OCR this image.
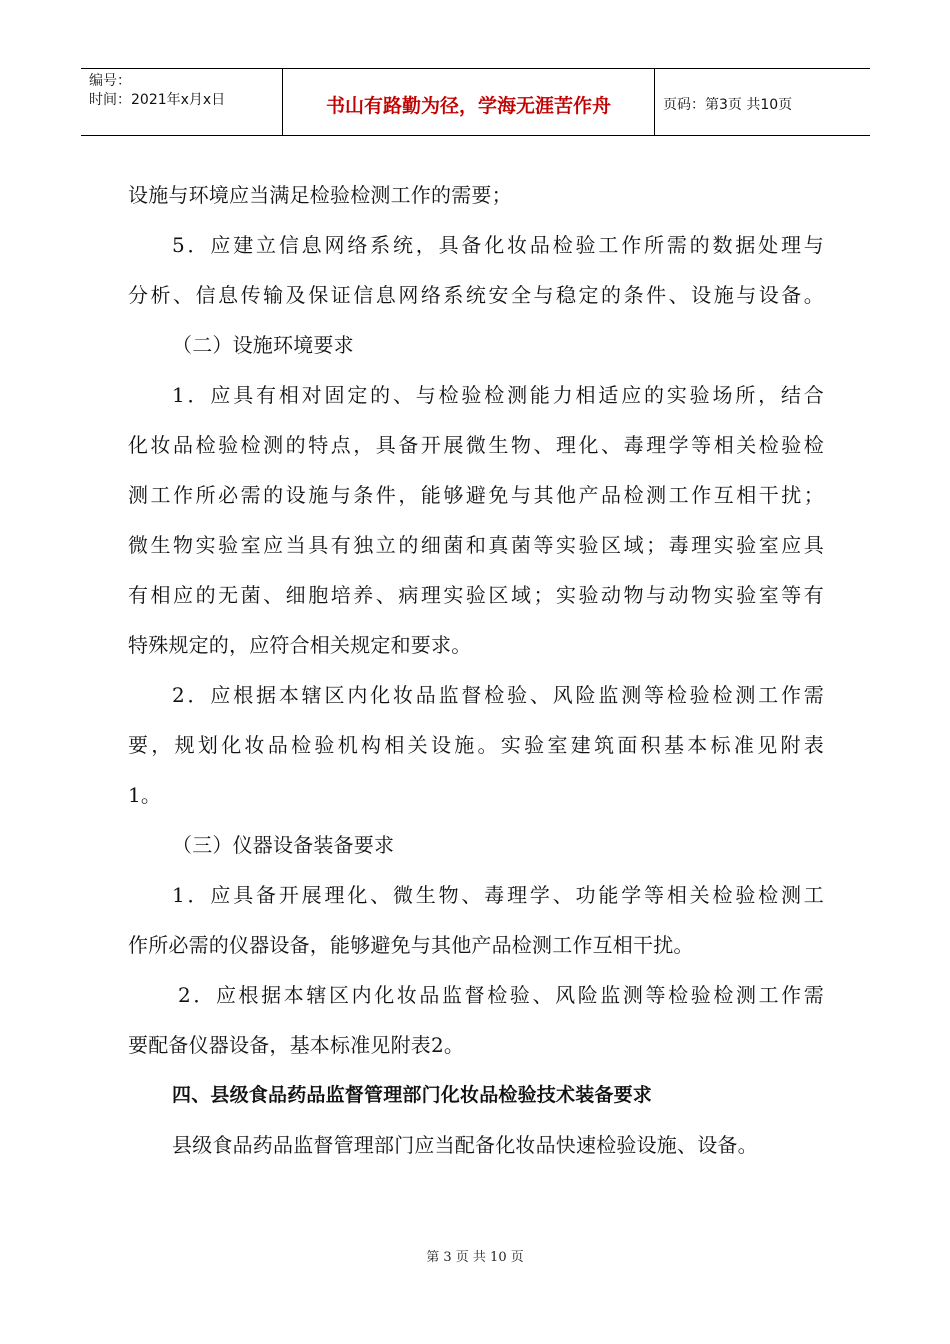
编号：
时间：2021年x月x日	书山有路勤为径，学海无涯苦作舟	页码：第3页 共10页
设施与环境应当满足检验检测工作的需要；
5．应建立信息网络系统，具备化妆品检验工作所需的数据处理与
分析、信息传输及保证信息网络系统安全与稳定的条件、设施与设备。
（二）设施环境要求
1．应具有相对固定的、与检验检测能力相适应的实验场所，结合
化妆品检验检测的特点，具备开展微生物、理化、毒理学等相关检验检
测工作所必需的设施与条件，能够避免与其他产品检测工作互相干扰；
微生物实验室应当具有独立的细菌和真菌等实验区域；毒理实验室应具
有相应的无菌、细胞培养、病理实验区域；实验动物与动物实验室等有
特殊规定的，应符合相关规定和要求。
2．应根据本辖区内化妆品监督检验、风险监测等检验检测工作需
要，规划化妆品检验机构相关设施。实验室建筑面积基本标准见附表
1。
（三）仪器设备装备要求
1．应具备开展理化、微生物、毒理学、功能学等相关检验检测工
作所必需的仪器设备，能够避免与其他产品检测工作互相干扰。
2．应根据本辖区内化妆品监督检验、风险监测等检验检测工作需
要配备仪器设备，基本标准见附表2。
四、县级食品药品监督管理部门化妆品检验技术装备要求
县级食品药品监督管理部门应当配备化妆品快速检验设施、设备。
第 3 页 共 10 页
